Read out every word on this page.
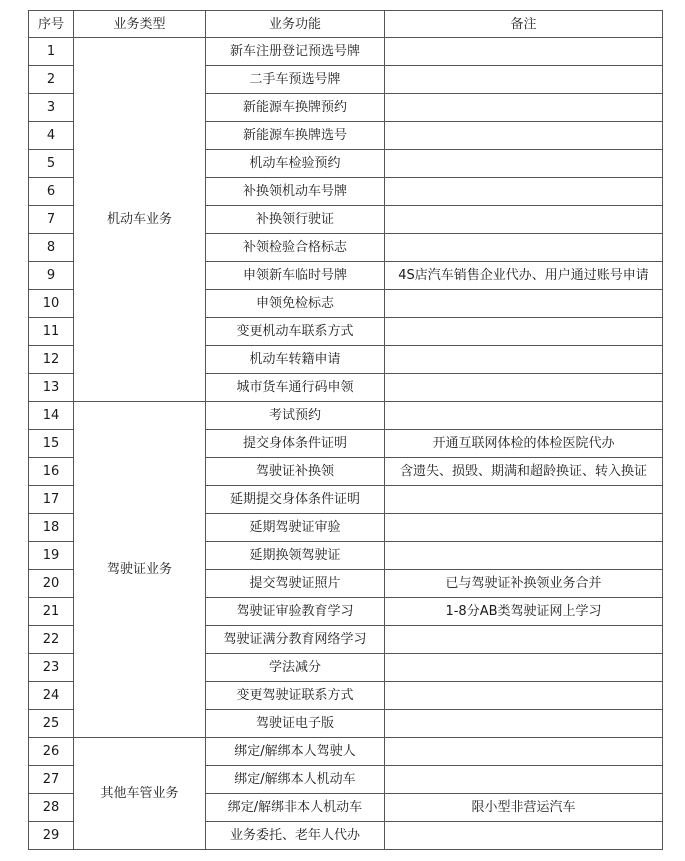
序号	业务类型	业务功能	备注
1	机动车业务	新车注册登记预选号牌	
2		二手车预选号牌	
3		新能源车换牌预约	
4		新能源车换牌选号	
5		机动车检验预约	
6		补换领机动车号牌	
7		补换领行驶证	
8		补领检验合格标志	
9		申领新车临时号牌	4S店汽车销售企业代办、用户通过账号申请
10		申领免检标志	
11		变更机动车联系方式	
12		机动车转籍申请	
13		城市货车通行码申领	
14	驾驶证业务	考试预约	
15		提交身体条件证明	开通互联网体检的体检医院代办
16		驾驶证补换领	含遗失、损毁、期满和超龄换证、转入换证
17		延期提交身体条件证明	
18		延期驾驶证审验	
19		延期换领驾驶证	
20		提交驾驶证照片	已与驾驶证补换领业务合并
21		驾驶证审验教育学习	1-8分AB类驾驶证网上学习
22		驾驶证满分教育网络学习	
23		学法减分	
24		变更驾驶证联系方式	
25		驾驶证电子版	
26	其他车管业务	绑定/解绑本人驾驶人	
27		绑定/解绑本人机动车	
28		绑定/解绑非本人机动车	限小型非营运汽车
29		业务委托、老年人代办	
